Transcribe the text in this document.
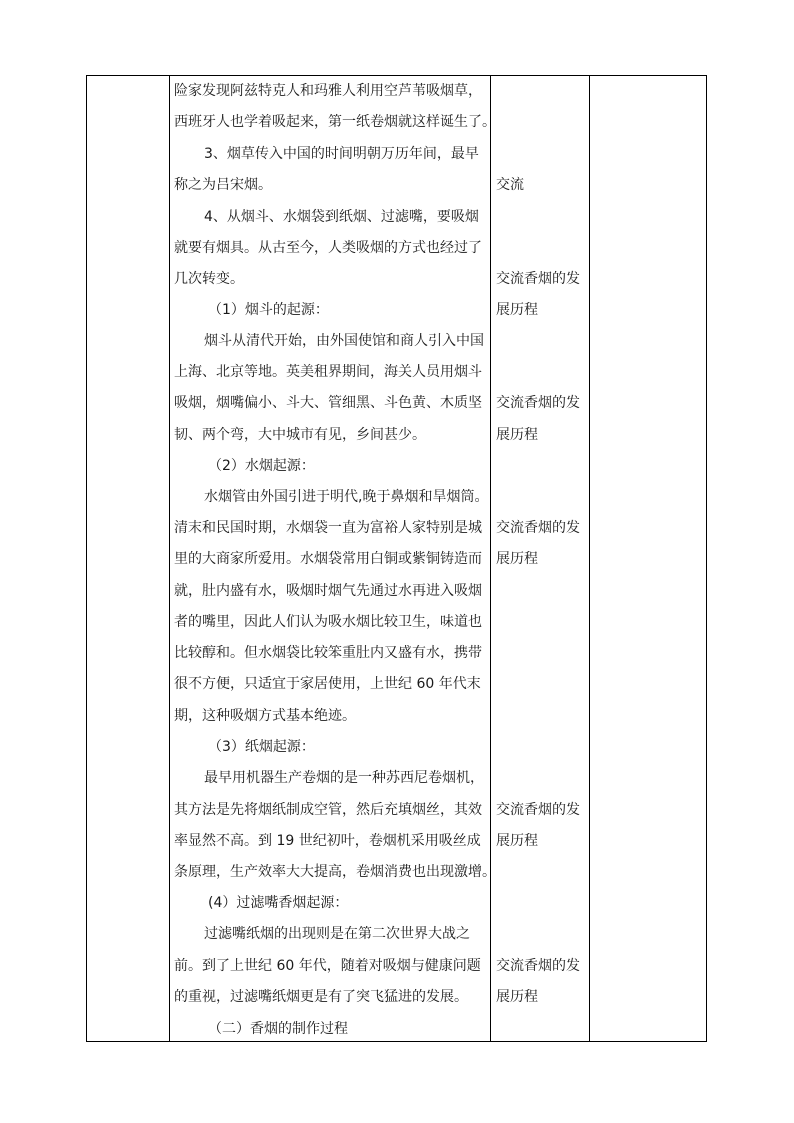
险家发现阿兹特克人和玛雅人利用空芦苇吸烟草，
西班牙人也学着吸起来，第一纸卷烟就这样诞生了。
3、烟草传入中国的时间明朝万历年间，最早
称之为吕宋烟。
4、从烟斗、水烟袋到纸烟、过滤嘴，要吸烟
就要有烟具。从古至今，人类吸烟的方式也经过了
几次转变。
（1）烟斗的起源：
烟斗从清代开始，由外国使馆和商人引入中国
上海、北京等地。英美租界期间，海关人员用烟斗
吸烟，烟嘴偏小、斗大、管细黑、斗色黄、木质坚
韧、两个弯，大中城市有见，乡间甚少。
（2）水烟起源：
水烟管由外国引进于明代,晚于鼻烟和旱烟筒。
清末和民国时期，水烟袋一直为富裕人家特别是城
里的大商家所爱用。水烟袋常用白铜或紫铜铸造而
就，肚内盛有水，吸烟时烟气先通过水再进入吸烟
者的嘴里，因此人们认为吸水烟比较卫生，味道也
比较醇和。但水烟袋比较笨重肚内又盛有水，携带
很不方便，只适宜于家居使用，上世纪 60 年代末
期，这种吸烟方式基本绝迹。
（3）纸烟起源：
最早用机器生产卷烟的是一种苏西尼卷烟机，
其方法是先将烟纸制成空管，然后充填烟丝，其效
率显然不高。到 19 世纪初叶，卷烟机采用吸丝成
条原理，生产效率大大提高，卷烟消费也出现激增。
(4）过滤嘴香烟起源：
过滤嘴纸烟的出现则是在第二次世界大战之
前。到了上世纪 60 年代，随着对吸烟与健康问题
的重视，过滤嘴纸烟更是有了突飞猛进的发展。
（二）香烟的制作过程
交流
交流香烟的发
展历程
交流香烟的发
展历程
交流香烟的发
展历程
交流香烟的发
展历程
交流香烟的发
展历程
